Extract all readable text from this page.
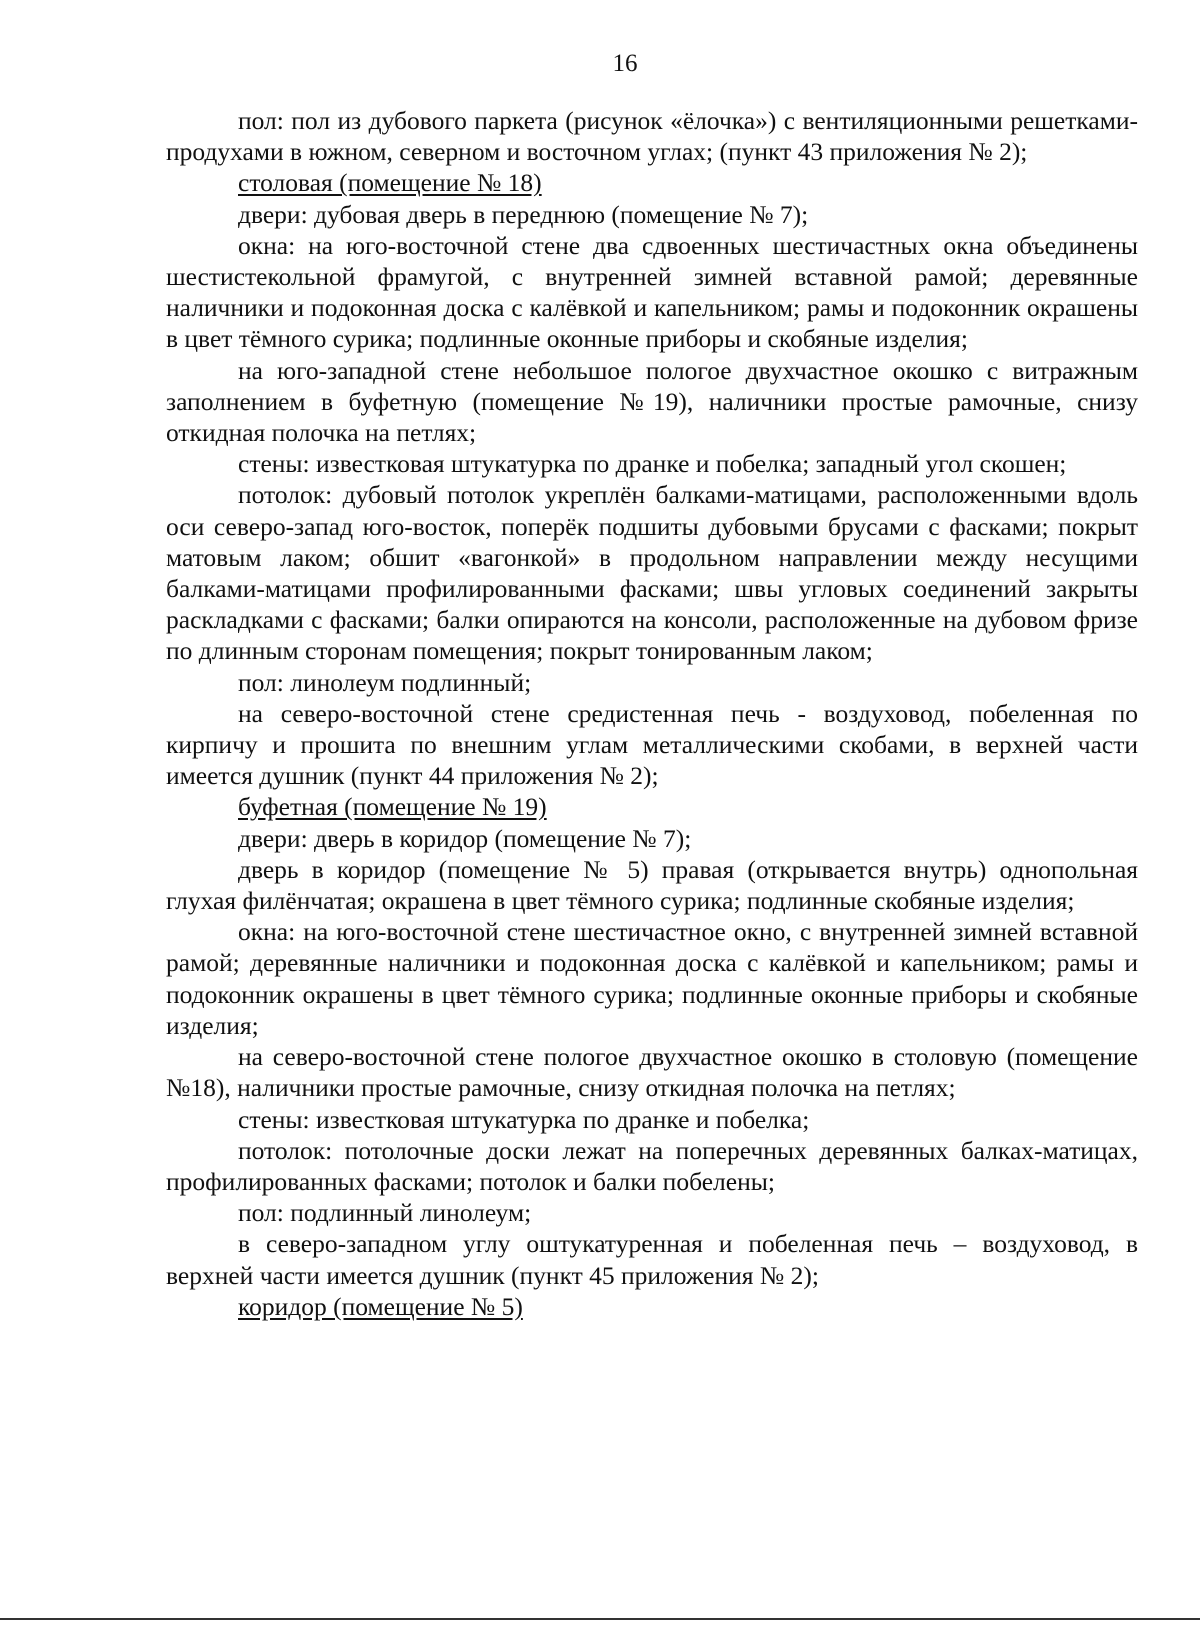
16

пол: пол из дубового паркета (рисунок «ёлочка») с вентиляционными решетками-продухами в южном, северном и восточном углах; (пункт 43 приложения № 2);

столовая (помещение № 18)

двери: дубовая дверь в переднюю (помещение № 7);

окна: на юго-восточной стене два сдвоенных шестичастных окна объединены шестистекольной фрамугой, с внутренней зимней вставной рамой; деревянные наличники и подоконная доска с калёвкой и капельником; рамы и подоконник окрашены в цвет тёмного сурика; подлинные оконные приборы и скобяные изделия;

на юго-западной стене небольшое пологое двухчастное окошко с витражным заполнением в буфетную (помещение №19), наличники простые рамочные, снизу откидная полочка на петлях;

стены: известковая штукатурка по дранке и побелка; западный угол скошен;

потолок: дубовый потолок укреплён балками-матицами, расположенными вдоль оси северо-запад юго-восток, поперёк подшиты дубовыми брусами с фасками; покрыт матовым лаком; обшит «вагонкой» в продольном направлении между несущими балками-матицами профилированными фасками; швы угловых соединений закрыты раскладками с фасками; балки опираются на консоли, расположенные на дубовом фризе по длинным сторонам помещения; покрыт тонированным лаком;

пол: линолеум подлинный;

на северо-восточной стене средистенная печь - воздуховод, побеленная по кирпичу и прошита по внешним углам металлическими скобами, в верхней части имеется душник (пункт 44 приложения № 2);

буфетная (помещение № 19)

двери: дверь в коридор (помещение № 7);

дверь в коридор (помещение № 5) правая (открывается внутрь) однопольная глухая филёнчатая; окрашена в цвет тёмного сурика; подлинные скобяные изделия;

окна: на юго-восточной стене шестичастное окно, с внутренней зимней вставной рамой; деревянные наличники и подоконная доска с калёвкой и капельником; рамы и подоконник окрашены в цвет тёмного сурика; подлинные оконные приборы и скобяные изделия;

на северо-восточной стене пологое двухчастное окошко в столовую (помещение №18), наличники простые рамочные, снизу откидная полочка на петлях;

стены: известковая штукатурка по дранке и побелка;

потолок: потолочные доски лежат на поперечных деревянных балках-матицах, профилированных фасками; потолок и балки побелены;

пол: подлинный линолеум;

в северо-западном углу оштукатуренная и побеленная печь – воздуховод, в верхней части имеется душник (пункт 45 приложения № 2);

коридор (помещение № 5)
